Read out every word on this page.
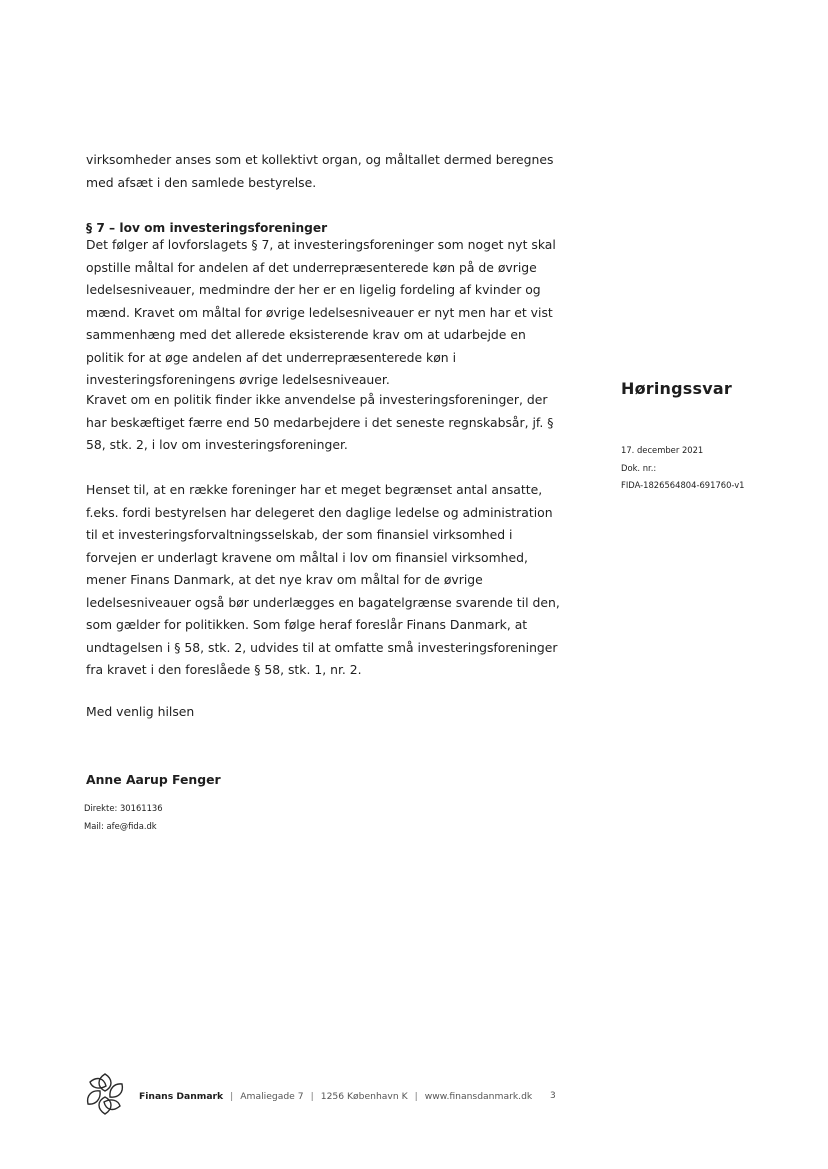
virksomheder anses som et kollektivt organ, og måltallet dermed beregnes med afsæt i den samlede bestyrelse.

§ 7 – lov om investeringsforeninger

Det følger af lovforslagets § 7, at investeringsforeninger som noget nyt skal opstille måltal for andelen af det underrepræsenterede køn på de øvrige ledelsesniveauer, medmindre der her er en ligelig fordeling af kvinder og mænd. Kravet om måltal for øvrige ledelsesniveauer er nyt men har et vist sammenhæng med det allerede eksisterende krav om at udarbejde en politik for at øge andelen af det underrepræsenterede køn i investeringsforeningens øvrige ledelsesniveauer.

Kravet om en politik finder ikke anvendelse på investeringsforeninger, der har beskæftiget færre end 50 medarbejdere i det seneste regnskabsår, jf. § 58, stk. 2, i lov om investeringsforeninger.

Henset til, at en række foreninger har et meget begrænset antal ansatte, f.eks. fordi bestyrelsen har delegeret den daglige ledelse og administration til et investeringsforvaltningsselskab, der som finansiel virksomhed i forvejen er underlagt kravene om måltal i lov om finansiel virksomhed, mener Finans Danmark, at det nye krav om måltal for de øvrige ledelsesniveauer også bør underlægges en bagatelgrænse svarende til den, som gælder for politikken. Som følge heraf foreslår Finans Danmark, at undtagelsen i § 58, stk. 2, udvides til at omfatte små investeringsforeninger fra kravet i den foreslåede § 58, stk. 1, nr. 2.

Med venlig hilsen

Anne Aarup Fenger

Direkte: 30161136
Mail: afe@fida.dk
Høringssvar
17. december 2021
Dok. nr.:
FIDA-1826564804-691760-v1
Finans Danmark | Amaliegade 7 | 1256 København K | www.finansdanmark.dk 3
